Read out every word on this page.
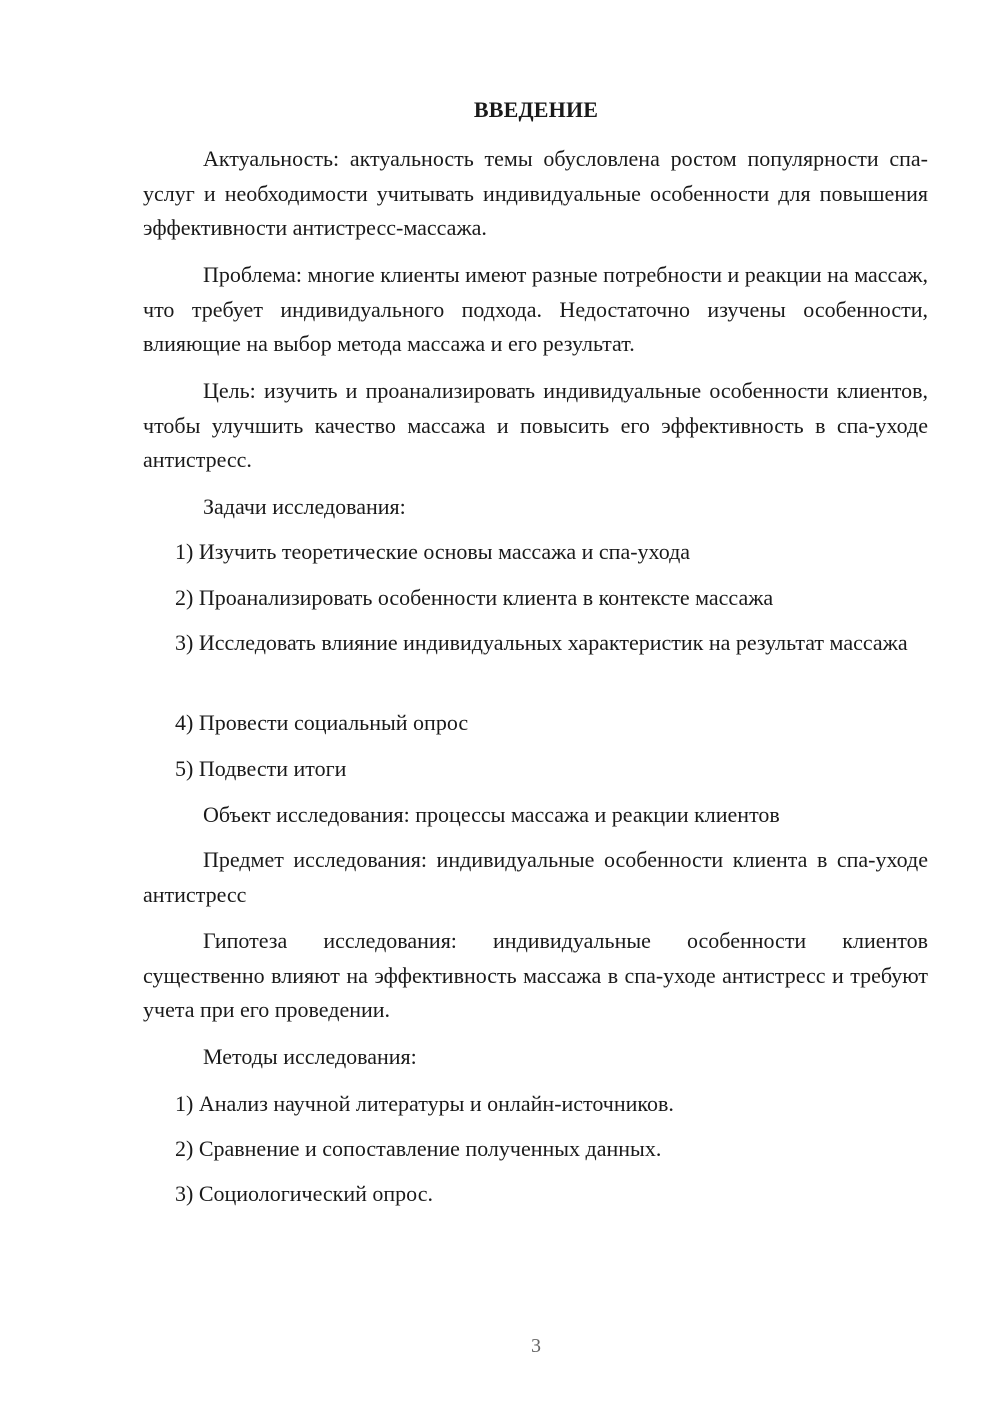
ВВЕДЕНИЕ
Актуальность: актуальность темы обусловлена ростом популярности спа-услуг и необходимости учитывать индивидуальные особенности для повышения эффективности антистресс-массажа.
Проблема: многие клиенты имеют разные потребности и реакции на массаж, что требует индивидуального подхода. Недостаточно изучены особенности, влияющие на выбор метода массажа и его результат.
Цель: изучить и проанализировать индивидуальные особенности клиентов, чтобы улучшить качество массажа и повысить его эффективность в спа-уходе антистресс.
Задачи исследования:
1) Изучить теоретические основы массажа и спа-ухода
2) Проанализировать особенности клиента в контексте массажа
3) Исследовать влияние индивидуальных характеристик на результат массажа
4) Провести социальный опрос
5) Подвести итоги
Объект исследования: процессы массажа и реакции клиентов
Предмет исследования: индивидуальные особенности клиента в спа-уходе антистресс
Гипотеза исследования: индивидуальные особенности клиентов существенно влияют на эффективность массажа в спа-уходе антистресс и требуют учета при его проведении.
Методы исследования:
1) Анализ научной литературы и онлайн-источников.
2) Сравнение и сопоставление полученных данных.
3) Социологический опрос.
3
